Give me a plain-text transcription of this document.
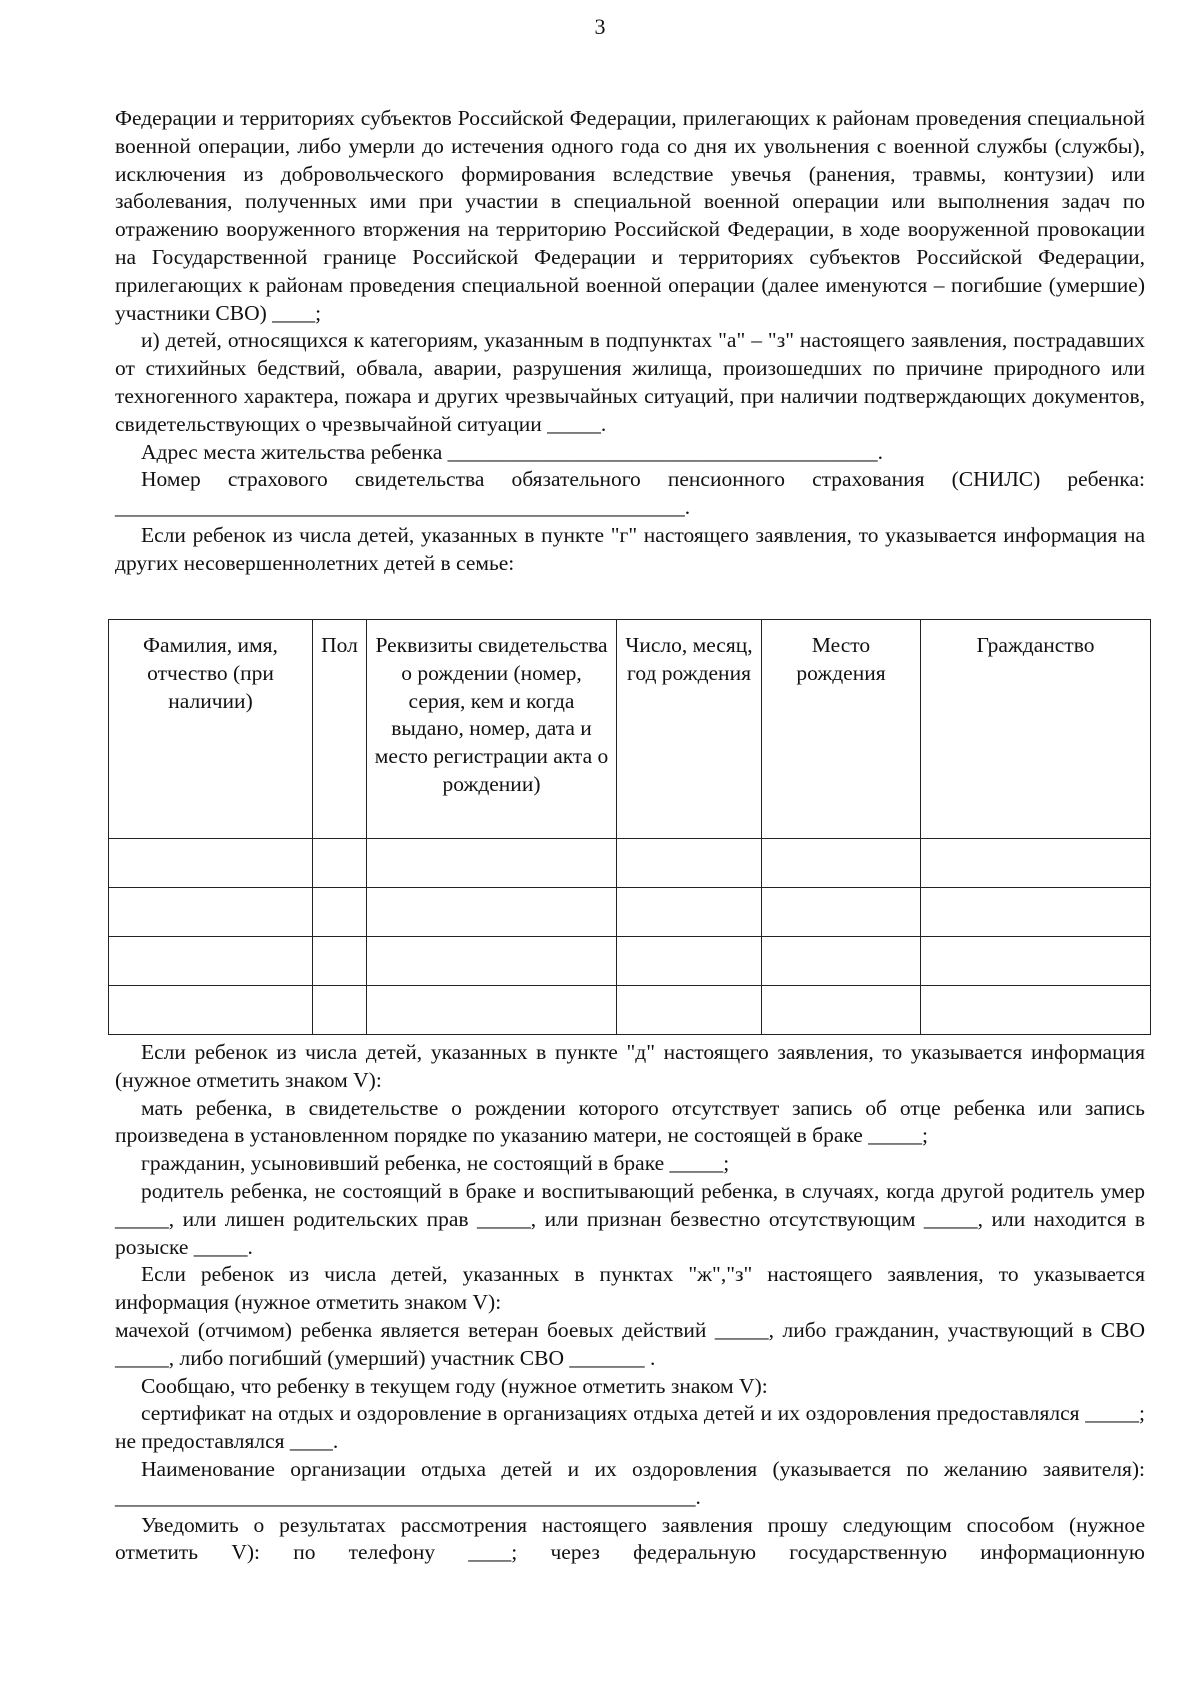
3

Федерации и территориях субъектов Российской Федерации, прилегающих к районам проведения специальной военной операции, либо умерли до истечения одного года со дня их увольнения с военной службы (службы), исключения из добровольческого формирования вследствие увечья (ранения, травмы, контузии) или заболевания, полученных ими при участии в специальной военной операции или выполнения задач по отражению вооруженного вторжения на территорию Российской Федерации, в ходе вооруженной провокации на Государственной границе Российской Федерации и территориях субъектов Российской Федерации, прилегающих к районам проведения специальной военной операции (далее именуются – погибшие (умершие) участники СВО) ____;

и) детей, относящихся к категориям, указанным в подпунктах "а" – "з" настоящего заявления, пострадавших от стихийных бедствий, обвала, аварии, разрушения жилища, произошедших по причине природного или техногенного характера, пожара и других чрезвычайных ситуаций, при наличии подтверждающих документов, свидетельствующих о чрезвычайной ситуации _____.

Адрес места жительства ребенка ________________________________________.

Номер страхового свидетельства обязательного пенсионного страхования (СНИЛС) ребенка:

_____________________________________________________.

Если ребенок из числа детей, указанных в пункте "г" настоящего заявления, то указывается информация на других несовершеннолетних детей в семье:

Фамилия, имя, отчество (при наличии)	Пол	Реквизиты свидетельства о рождении (номер, серия, кем и когда выдано, номер, дата и место регистрации акта о рождении)	Число, месяц, год рождения	Место рождения	Гражданство

Если ребенок из числа детей, указанных в пункте "д" настоящего заявления, то указывается информация (нужное отметить знаком V):

мать ребенка, в свидетельстве о рождении которого отсутствует запись об отце ребенка или запись произведена в установленном порядке по указанию матери, не состоящей в браке _____;

гражданин, усыновивший ребенка, не состоящий в браке _____;

родитель ребенка, не состоящий в браке и воспитывающий ребенка, в случаях, когда другой родитель умер _____, или лишен родительских прав _____, или признан безвестно отсутствующим _____, или находится в розыске _____.

Если ребенок из числа детей, указанных в пунктах "ж","з" настоящего заявления, то указывается информация (нужное отметить знаком V):

мачехой (отчимом) ребенка является ветеран боевых действий _____, либо гражданин, участвующий в СВО _____, либо погибший (умерший) участник СВО _______ .

Сообщаю, что ребенку в текущем году (нужное отметить знаком V):

сертификат на отдых и оздоровление в организациях отдыха детей и их оздоровления предоставлялся _____; не предоставлялся ____.

Наименование организации отдыха детей и их оздоровления (указывается по желанию заявителя): ______________________________________________________.

Уведомить о результатах рассмотрения настоящего заявления прошу следующим способом (нужное отметить V): по телефону ____; через федеральную государственную информационную
